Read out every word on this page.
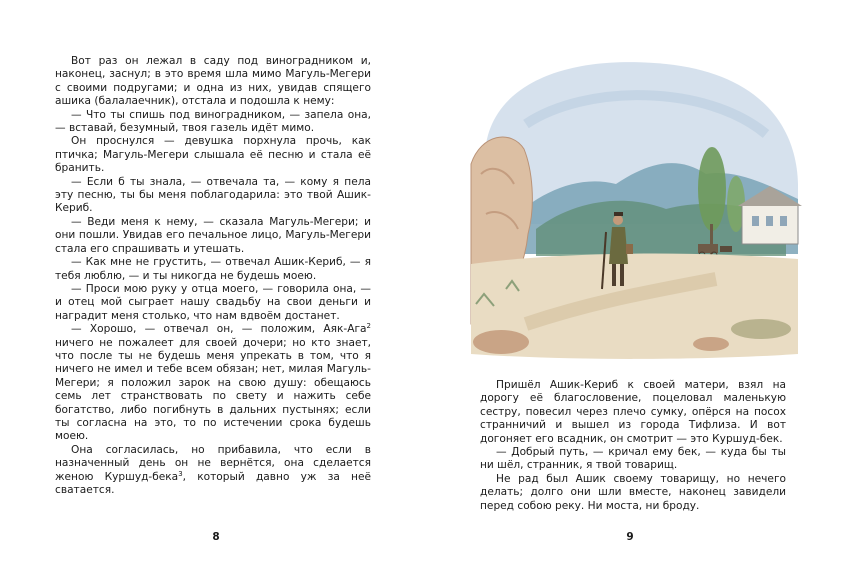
Вот раз он лежал в саду под виноградником и, наконец, заснул; в это время шла мимо Магуль-Мегери с своими подругами; и одна из них, увидав спящего ашика (балалаечник), отстала и подошла к нему:

— Что ты спишь под виноградником, — запела она, — вставай, безумный, твоя газель идёт мимо.

Он проснулся — девушка порхнула прочь, как птичка; Магуль-Мегери слышала её песню и стала её бранить.

— Если б ты знала, — отвечала та, — кому я пела эту песню, ты бы меня поблагодарила: это твой Ашик-Кериб.

— Веди меня к нему, — сказала Магуль-Мегери; и они пошли. Увидав его печальное лицо, Магуль-Мегери стала его спрашивать и утешать.

— Как мне не грустить, — отвечал Ашик-Кериб, — я тебя люблю, — и ты никогда не будешь моею.

— Проси мою руку у отца моего, — говорила она, — и отец мой сыграет нашу свадьбу на свои деньги и наградит меня столько, что нам вдвоём достанет.

— Хорошо, — отвечал он, — положим, Аяк-Ага$^2$ ничего не пожалеет для своей дочери; но кто знает, что после ты не будешь меня упрекать в том, что я ничего не имел и тебе всем обязан; нет, милая Магуль-Мегери; я положил зарок на свою душу: обещаюсь семь лет странствовать по свету и нажить себе богатство, либо погибнуть в дальних пустынях; если ты согласна на это, то по истечении срока будешь моею.

Она согласилась, но прибавила, что если в назначенный день он не вернётся, она сделается женою Куршуд-бека$^3$, который давно уж за неё сватается.

8

Пришёл Ашик-Кериб к своей матери, взял на дорогу её благословение, поцеловал маленькую сестру, повесил через плечо сумку, опёрся на посох странничий и вышел из города Тифлиза. И вот догоняет его всадник, он смотрит — это Куршуд-бек.

— Добрый путь, — кричал ему бек, — куда бы ты ни шёл, странник, я твой товарищ.

Не рад был Ашик своему товарищу, но нечего делать; долго они шли вместе, наконец завидели перед собою реку. Ни моста, ни броду.

9
